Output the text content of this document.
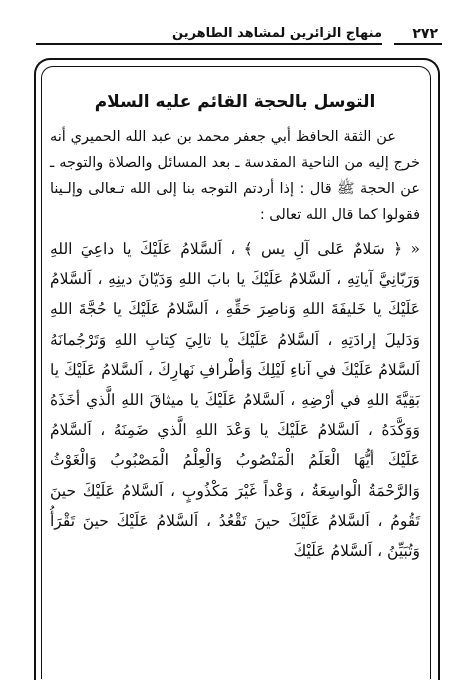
٢٧٢
منهاج الزائرين لمشاهد الطاهرين
التوسل بالحجة القائم عليه السلام

عن الثقة الحافظ أبي جعفر محمد بن عبد الله الحميري أنه خرج إليه من الناحية المقدسة ـ بعد المسائل والصلاة والتوجه ـ عن الحجة ﷺ قال : إذا أردتم التوجه بنا إلى الله تـعالى وإلـينا فقولوا كما قال الله تعالى :

« ﴿ سَلامٌ عَلى آلِ يس ﴾ ، اَلسَّلامُ عَلَيْكَ يا داعِيَ اللهِ وَرَبّانِيَّ آياتِهِ ، اَلسَّلامُ عَلَيْكَ يا بابَ اللهِ وَدَيّانَ دينِهِ ، اَلسَّلامُ عَلَيْكَ يا خَليفَةَ اللهِ وَناصِرَ حَقِّهِ ، اَلسَّلامُ عَلَيْكَ يا حُجَّةَ اللهِ وَدَليلَ إرادَتِهِ ، اَلسَّلامُ عَلَيْكَ يا تالِيَ كِتابِ اللهِ وَتَرْجُمانَهُ اَلسَّلامُ عَلَيْكَ في آناءِ لَيْلِكَ وَأطْرافِ نَهارِكَ ، اَلسَّلامُ عَلَيْكَ يا بَقِيَّةَ اللهِ في أرْضِهِ ، اَلسَّلامُ عَلَيْكَ يا ميثاقَ اللهِ الَّذي أخَذَهُ وَوَكَّدَهُ ، اَلسَّلامُ عَلَيْكَ يا وَعْدَ اللهِ الَّذي ضَمِنَهُ ، اَلسَّلامُ عَلَيْكَ أيُّهَا الْعَلَمُ الْمَنْصُوبُ وَالْعِلْمُ الْمَصْبُوبُ وَالْغَوْثُ وَالرَّحْمَةُ الْواسِعَةُ ، وَعْداً غَيْرَ مَكْذُوبٍ ، اَلسَّلامُ عَلَيْكَ حينَ تَقُومُ ، اَلسَّلامُ عَلَيْكَ حينَ تَقْعُدُ ، اَلسَّلامُ عَلَيْكَ حينَ تَقْرَأُ وَتُبَيِّنُ ، اَلسَّلامُ عَلَيْكَ
